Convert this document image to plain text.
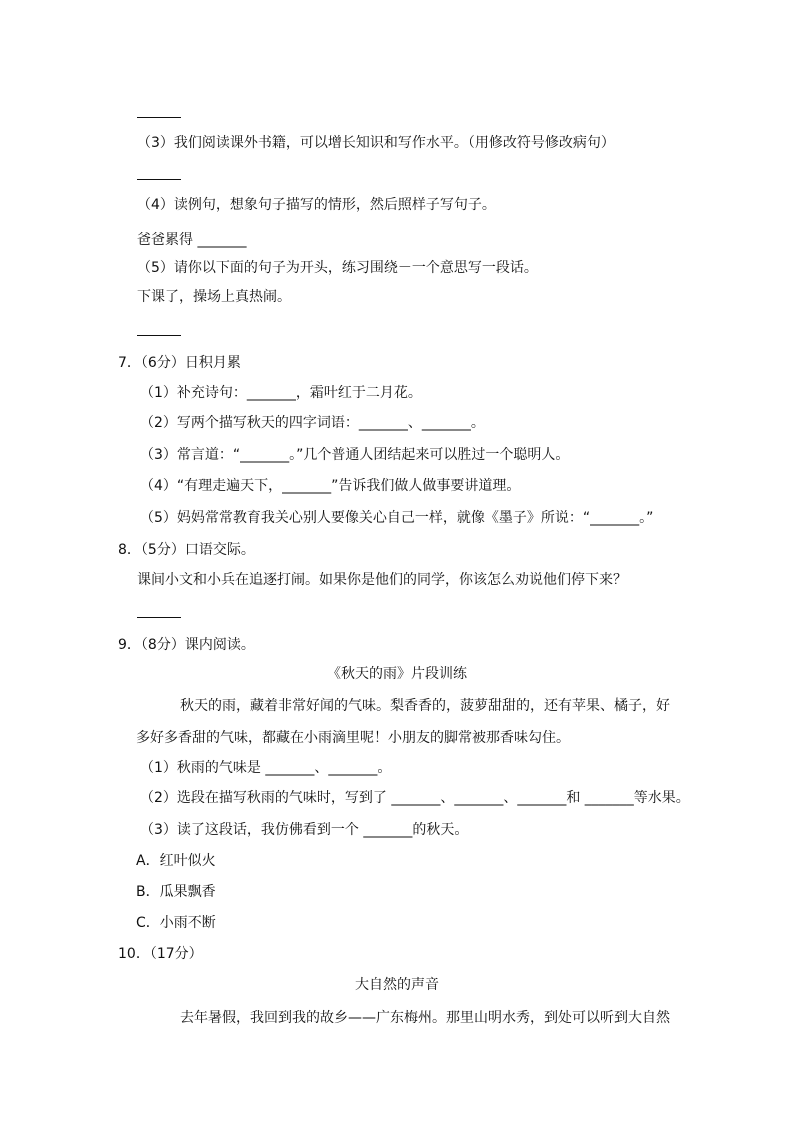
（3）我们阅读课外书籍，可以增长知识和写作水平。（用修改符号修改病句）
（4）读例句，想象句子描写的情形，然后照样子写句子。
爸爸累得 _______
（5）请你以下面的句子为开头，练习围绕－一个意思写一段话。
下课了，操场上真热闹。
7．（6分）日积月累
（1）补充诗句：_______，霜叶红于二月花。
（2）写两个描写秋天的四字词语：_______、_______。
（3）常言道：“_______。”几个普通人团结起来可以胜过一个聪明人。
（4）“有理走遍天下，_______”告诉我们做人做事要讲道理。
（5）妈妈常常教育我关心别人要像关心自己一样，就像《墨子》所说：“_______。”
8．（5分）口语交际。
课间小文和小兵在追逐打闹。如果你是他们的同学，你该怎么劝说他们停下来？
9．（8分）课内阅读。
《秋天的雨》片段训练
秋天的雨，藏着非常好闻的气味。梨香香的，菠萝甜甜的，还有苹果、橘子，好
多好多香甜的气味，都藏在小雨滴里呢！小朋友的脚常被那香味勾住。
（1）秋雨的气味是 _______、_______。
（2）选段在描写秋雨的气味时，写到了 _______、_______、_______和 _______等水果。
（3）读了这段话，我仿佛看到一个 _______的秋天。
A．红叶似火
B．瓜果飘香
C．小雨不断
10．（17分）
大自然的声音
去年暑假，我回到我的故乡——广东梅州。那里山明水秀，到处可以听到大自然
